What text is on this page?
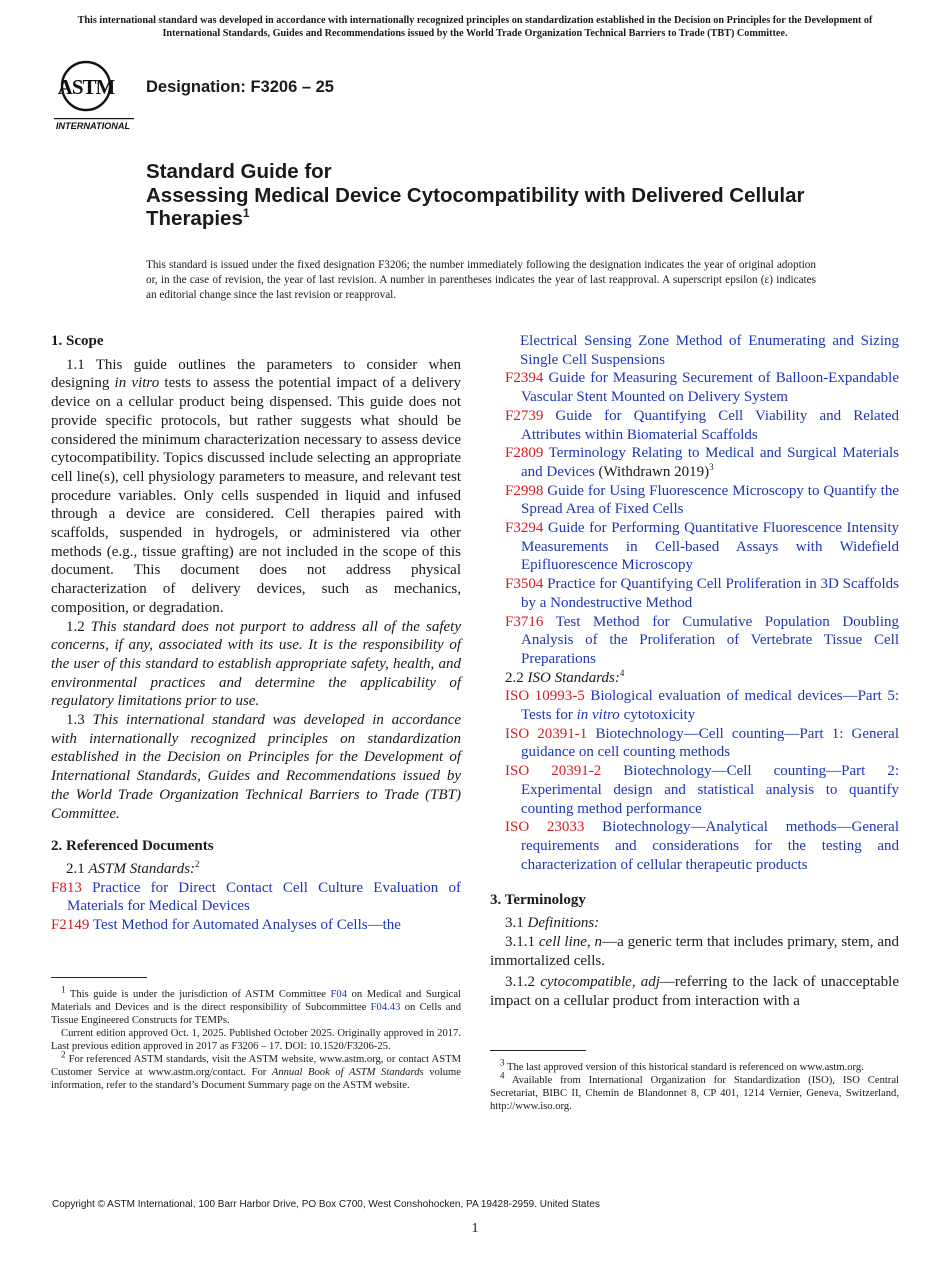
This international standard was developed in accordance with internationally recognized principles on standardization established in the Decision on Principles for the Development of International Standards, Guides and Recommendations issued by the World Trade Organization Technical Barriers to Trade (TBT) Committee.
ASTM
INTERNATIONAL
Designation: F3206 – 25
Standard Guide for
Assessing Medical Device Cytocompatibility with Delivered Cellular Therapies$^1$
This standard is issued under the fixed designation F3206; the number immediately following the designation indicates the year of original adoption or, in the case of revision, the year of last revision. A number in parentheses indicates the year of last reapproval. A superscript epsilon (ε) indicates an editorial change since the last revision or reapproval.

1. Scope

1.1 This guide outlines the parameters to consider when designing in vitro tests to assess the potential impact of a delivery device on a cellular product being dispensed. This guide does not provide specific protocols, but rather suggests what should be considered the minimum characterization necessary to assess device cytocompatibility. Topics discussed include selecting an appropriate cell line(s), cell physiology parameters to measure, and relevant test procedure variables. Only cells suspended in liquid and infused through a device are considered. Cell therapies paired with scaffolds, suspended in hydrogels, or administered via other methods (e.g., tissue grafting) are not included in the scope of this document. This document does not address physical characterization of delivery devices, such as mechanics, composition, or degradation.

1.2 This standard does not purport to address all of the safety concerns, if any, associated with its use. It is the responsibility of the user of this standard to establish appropriate safety, health, and environmental practices and determine the applicability of regulatory limitations prior to use.

1.3 This international standard was developed in accordance with internationally recognized principles on standardization established in the Decision on Principles for the Development of International Standards, Guides and Recommendations issued by the World Trade Organization Technical Barriers to Trade (TBT) Committee.

2. Referenced Documents

2.1 ASTM Standards:$^2$

F813 Practice for Direct Contact Cell Culture Evaluation of Materials for Medical Devices

F2149 Test Method for Automated Analyses of Cells—the

$^1$ This guide is under the jurisdiction of ASTM Committee F04 on Medical and Surgical Materials and Devices and is the direct responsibility of Subcommittee F04.43 on Cells and Tissue Engineered Constructs for TEMPs.

Current edition approved Oct. 1, 2025. Published October 2025. Originally approved in 2017. Last previous edition approved in 2017 as F3206 – 17. DOI: 10.1520/F3206-25.

$^2$ For referenced ASTM standards, visit the ASTM website, www.astm.org, or contact ASTM Customer Service at www.astm.org/contact. For Annual Book of ASTM Standards volume information, refer to the standard’s Document Summary page on the ASTM website.

Electrical Sensing Zone Method of Enumerating and Sizing Single Cell Suspensions

F2394 Guide for Measuring Securement of Balloon-Expandable Vascular Stent Mounted on Delivery System

F2739 Guide for Quantifying Cell Viability and Related Attributes within Biomaterial Scaffolds

F2809 Terminology Relating to Medical and Surgical Materials and Devices (Withdrawn 2019)$^3$

F2998 Guide for Using Fluorescence Microscopy to Quantify the Spread Area of Fixed Cells

F3294 Guide for Performing Quantitative Fluorescence Intensity Measurements in Cell-based Assays with Widefield Epifluorescence Microscopy

F3504 Practice for Quantifying Cell Proliferation in 3D Scaffolds by a Nondestructive Method

F3716 Test Method for Cumulative Population Doubling Analysis of the Proliferation of Vertebrate Tissue Cell Preparations

2.2 ISO Standards:$^4$

ISO 10993-5 Biological evaluation of medical devices—Part 5: Tests for in vitro cytotoxicity

ISO 20391-1 Biotechnology—Cell counting—Part 1: General guidance on cell counting methods

ISO 20391-2 Biotechnology—Cell counting—Part 2: Experimental design and statistical analysis to quantify counting method performance

ISO 23033 Biotechnology—Analytical methods—General requirements and considerations for the testing and characterization of cellular therapeutic products

3. Terminology

3.1 Definitions:

3.1.1 cell line, n—a generic term that includes primary, stem, and immortalized cells.

3.1.2 cytocompatible, adj—referring to the lack of unacceptable impact on a cellular product from interaction with a

$^3$ The last approved version of this historical standard is referenced on www.astm.org.

$^4$ Available from International Organization for Standardization (ISO), ISO Central Secretariat, BIBC II, Chemin de Blandonnet 8, CP 401, 1214 Vernier, Geneva, Switzerland, http://www.iso.org.

Copyright © ASTM International, 100 Barr Harbor Drive, PO Box C700, West Conshohocken, PA 19428-2959. United States
1
